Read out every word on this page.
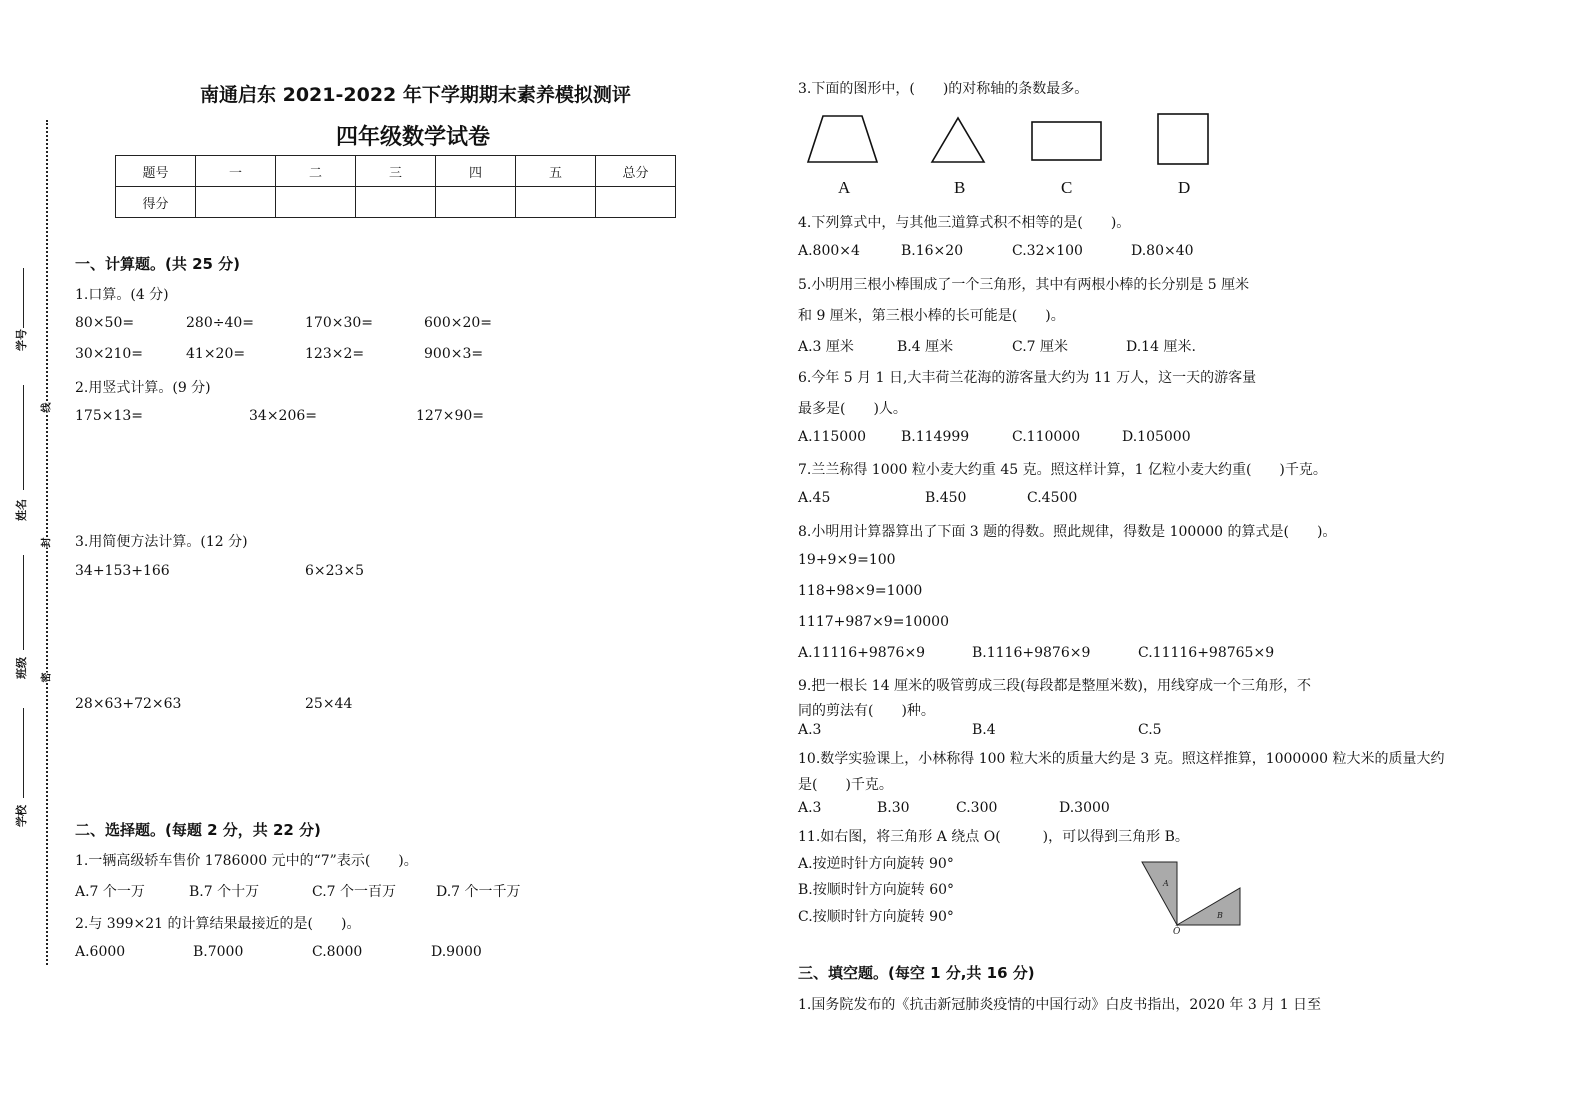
学号
姓名
班级
学校
线
封
密
南通启东 2021-2022 年下学期期末素养模拟测评
四年级数学试卷
题号	一	二	三	四	五	总分
得分						
一、计算题。(共 25 分)
1.口算。(4 分)
80×50=	280÷40=	170×30=	600×20=
30×210=	41×20=	123×2=	900×3=
2.用竖式计算。(9 分)
175×13=	34×206=	127×90=
3.用简便方法计算。(12 分)
34+153+166	6×23×5
28×63+72×63	25×44
二、选择题。(每题 2 分，共 22 分)
1.一辆高级轿车售价 1786000 元中的“7”表示(　　)。
A.7 个一万	B.7 个十万	C.7 个一百万	D.7 个一千万
2.与 399×21 的计算结果最接近的是(　　)。
A.6000	B.7000	C.8000	D.9000
3.下面的图形中，(　　)的对称轴的条数最多。
A	B	C	D
4.下列算式中，与其他三道算式积不相等的是(　　)。
A.800×4	B.16×20	C.32×100	D.80×40
5.小明用三根小棒围成了一个三角形，其中有两根小棒的长分别是 5 厘米
和 9 厘米，第三根小棒的长可能是(　　)。
A.3 厘米	B.4 厘米	C.7 厘米	D.14 厘米.
6.今年 5 月 1 日,大丰荷兰花海的游客量大约为 11 万人，这一天的游客量
最多是(　　)人。
A.115000 B.114999	C.110000	D.105000
7.兰兰称得 1000 粒小麦大约重 45 克。照这样计算，1 亿粒小麦大约重(　　)千克。
A.45	B.450	C.4500
8.小明用计算器算出了下面 3 题的得数。照此规律，得数是 100000 的算式是(　　)。
19+9×9=100
118+98×9=1000
1117+987×9=10000
A.11116+9876×9	B.1116+9876×9	C.11116+98765×9
9.把一根长 14 厘米的吸管剪成三段(每段都是整厘米数)，用线穿成一个三角形，不
同的剪法有(　　)种。
A.3	B.4	C.5
10.数学实验课上，小林称得 100 粒大米的质量大约是 3 克。照这样推算，1000000 粒大米的质量大约
是(　　)千克。
A.3	B.30	C.300	D.3000
11.如右图，将三角形 A 绕点 O(　　　)，可以得到三角形 B。
A.按逆时针方向旋转 90°
B.按顺时针方向旋转 60°
C.按顺时针方向旋转 90°
A
B
O
三、填空题。(每空 1 分,共 16 分)
1.国务院发布的《抗击新冠肺炎疫情的中国行动》白皮书指出，2020 年 3 月 1 日至
